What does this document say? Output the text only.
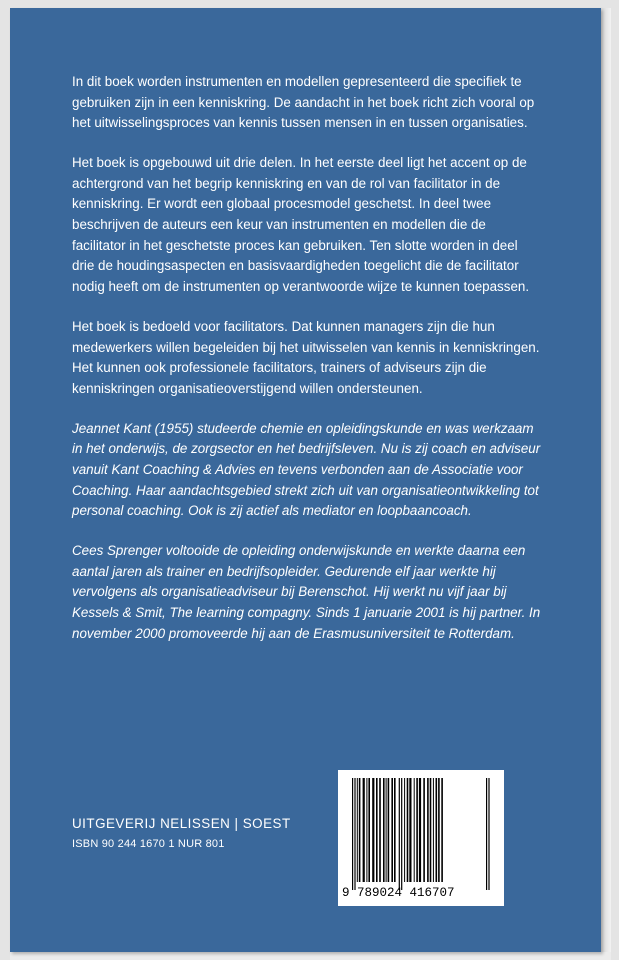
In dit boek worden instrumenten en modellen gepresenteerd die specifiek te gebruiken zijn in een kenniskring. De aandacht in het boek richt zich vooral op het uitwisselingsproces van kennis tussen mensen in en tussen organisaties.

Het boek is opgebouwd uit drie delen. In het eerste deel ligt het accent op de achtergrond van het begrip kenniskring en van de rol van facilitator in de kenniskring. Er wordt een globaal procesmodel geschetst. In deel twee beschrijven de auteurs een keur van instrumenten en modellen die de facilitator in het geschetste proces kan gebruiken. Ten slotte worden in deel drie de houdingsaspecten en basisvaardigheden toegelicht die de facilitator nodig heeft om de instrumenten op verantwoorde wijze te kunnen toepassen.

Het boek is bedoeld voor facilitators. Dat kunnen managers zijn die hun medewerkers willen begeleiden bij het uitwisselen van kennis in kenniskringen. Het kunnen ook professionele facilitators, trainers of adviseurs zijn die kenniskringen organisatieoverstijgend willen ondersteunen.

Jeannet Kant (1955) studeerde chemie en opleidingskunde en was werkzaam in het onderwijs, de zorgsector en het bedrijfsleven. Nu is zij coach en adviseur vanuit Kant Coaching & Advies en tevens verbonden aan de Associatie voor Coaching. Haar aandachtsgebied strekt zich uit van organisatieontwikkeling tot personal coaching. Ook is zij actief als mediator en loopbaancoach.

Cees Sprenger voltooide de opleiding onderwijskunde en werkte daarna een aantal jaren als trainer en bedrijfsopleider. Gedurende elf jaar werkte hij vervolgens als organisatieadviseur bij Berenschot. Hij werkt nu vijf jaar bij Kessels & Smit, The learning compagny. Sinds 1 januarie 2001 is hij partner. In november 2000 promoveerde hij aan de Erasmusuniversiteit te Rotterdam.

UITGEVERIJ NELISSEN | SOEST
ISBN 90 244 1670 1 NUR 801
9 789024 416707
